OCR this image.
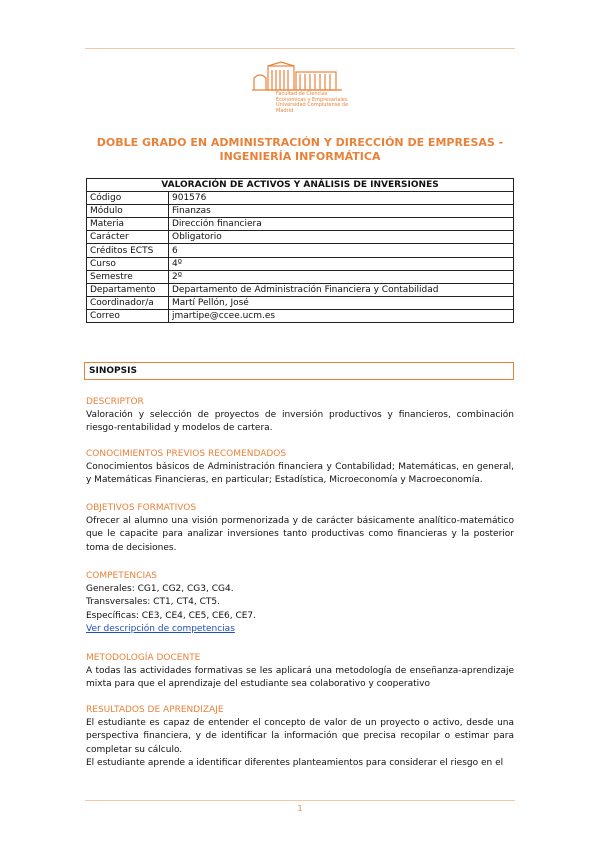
Facultad de Ciencias
Económicas y Empresariales
Universidad Complutense de Madrid
DOBLE GRADO EN ADMINISTRACIÓN Y DIRECCIÓN DE EMPRESAS - INGENIERÍA INFORMÁTICA
VALORACIÓN DE ACTIVOS Y ANÁLISIS DE INVERSIONES	
Código	901576
Módulo	Finanzas
Materia	Dirección financiera
Carácter	Obligatorio
Créditos ECTS	6
Curso	4º
Semestre	2º
Departamento	Departamento de Administración Financiera y Contabilidad
Coordinador/a	Martí Pellón, José
Correo	jmartipe@ccee.ucm.es
SINOPSIS
DESCRIPTOR
Valoración y selección de proyectos de inversión productivos y financieros, combinación riesgo-rentabilidad y modelos de cartera.
CONOCIMIENTOS PREVIOS RECOMENDADOS
Conocimientos básicos de Administración financiera y Contabilidad; Matemáticas, en general, y Matemáticas Financieras, en particular; Estadística, Microeconomía y Macroeconomía.
OBJETIVOS FORMATIVOS
Ofrecer al alumno una visión pormenorizada y de carácter básicamente analítico-matemático que le capacite para analizar inversiones tanto productivas como financieras y la posterior toma de decisiones.
COMPETENCIAS
Generales: CG1, CG2, CG3, CG4.
Transversales: CT1, CT4, CT5.
Específicas: CE3, CE4, CE5, CE6, CE7.
Ver descripción de competencias
METODOLOGÍA DOCENTE
A todas las actividades formativas se les aplicará una metodología de enseñanza-aprendizaje mixta para que el aprendizaje del estudiante sea colaborativo y cooperativo
RESULTADOS DE APRENDIZAJE
El estudiante es capaz de entender el concepto de valor de un proyecto o activo, desde una perspectiva financiera, y de identificar la información que precisa recopilar o estimar para completar su cálculo.
El estudiante aprende a identificar diferentes planteamientos para considerar el riesgo en el
1
